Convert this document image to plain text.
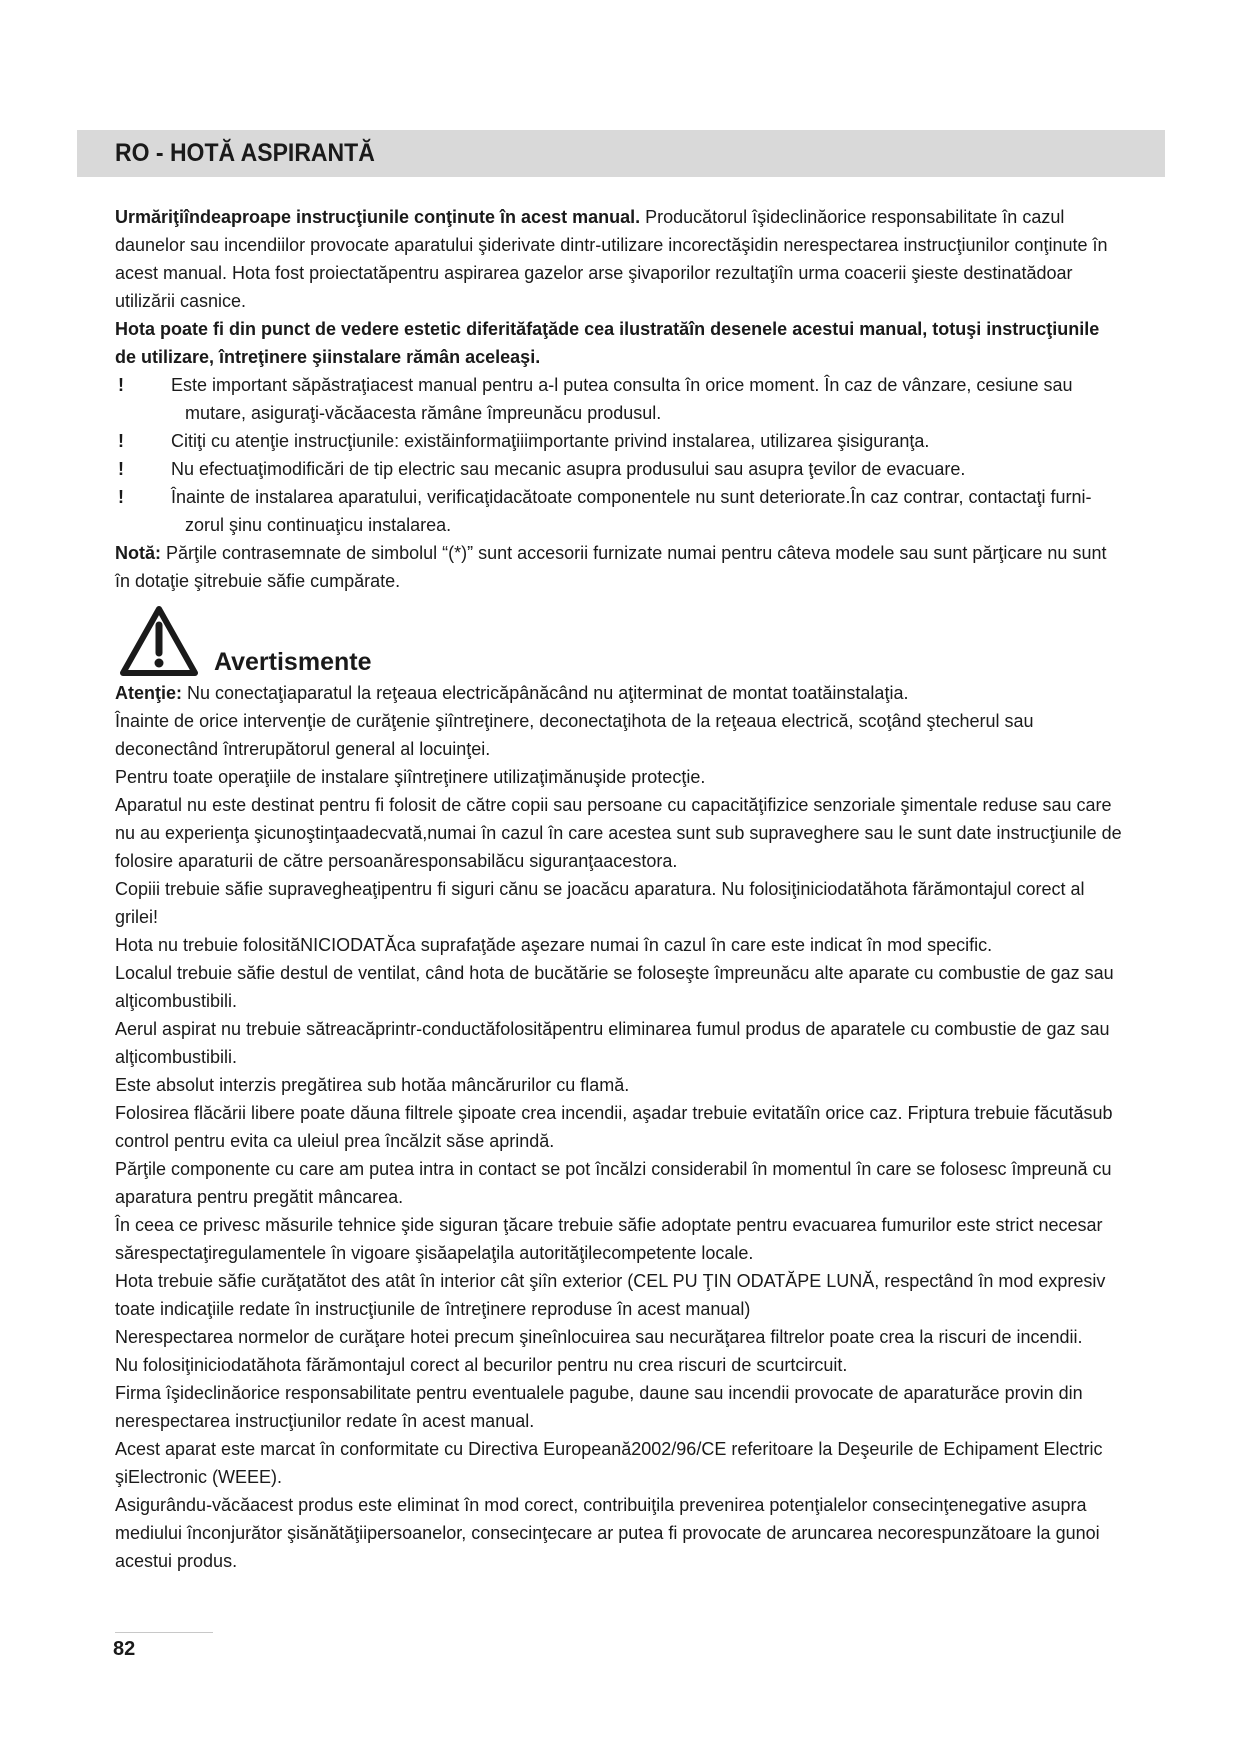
RO - HOTĂ ASPIRANTĂ

Urmăriţiîndeaproape instrucţiunile conţinute în acest manual. Producătorul îşideclinăorice responsabilitate în cazul daunelor sau incendiilor provocate aparatului şiderivate dintr-utilizare incorectăşidin nerespectarea instrucţiunilor conţinute în acest manual. Hota fost proiectatăpentru aspirarea gazelor arse şivaporilor rezultaţiîn urma coacerii şieste destinatădoar utilizării casnice.

Hota poate fi din punct de vedere estetic diferităfaţăde cea ilustratăîn desenele acestui manual, totuşi instrucţiunile de utilizare, întreţinere şiinstalare rămân aceleaşi.

!	Este important săpăstraţiacest manual pentru a-l putea consulta în orice moment. În caz de vânzare, cesiune sau
mutare, asiguraţi-văcăacesta rămâne împreunăcu produsul.
!	Citiţi cu atenţie instrucţiunile: existăinformaţiiimportante privind instalarea, utilizarea şisiguranţa.
!	Nu efectuaţimodificări de tip electric sau mecanic asupra produsului sau asupra ţevilor de evacuare.
!	Înainte de instalarea aparatului, verificaţidacătoate componentele nu sunt deteriorate.În caz contrar, contactaţi furni-
zorul şinu continuaţicu instalarea.

Notă: Părţile contrasemnate de simbolul “(*)” sunt accesorii furnizate numai pentru câteva modele sau sunt părţicare nu sunt în dotaţie şitrebuie săfie cumpărate.

Avertismente

Atenţie: Nu conectaţiaparatul la reţeaua electricăpânăcând nu aţiterminat de montat toatăinstalaţia.

Înainte de orice intervenţie de curăţenie şiîntreţinere, deconectaţihota de la reţeaua electrică, scoţând ştecherul sau deconectând întrerupătorul general al locuinţei.

Pentru toate operaţiile de instalare şiîntreţinere utilizaţimănuşide protecţie.

Aparatul nu este destinat pentru fi folosit de către copii sau persoane cu capacităţifizice senzoriale şimentale reduse sau care nu au experienţa şicunoştinţaadecvată,numai în cazul în care acestea sunt sub supraveghere sau le sunt date instrucţiunile de folosire aparaturii de către persoanăresponsabilăcu siguranţaacestora.

Copiii trebuie săfie supravegheaţipentru fi siguri cănu se joacăcu aparatura. Nu folosiţiniciodatăhota fărămontajul corect al grilei!

Hota nu trebuie folosităNICIODATĂca suprafaţăde aşezare numai în cazul în care este indicat în mod specific.

Localul trebuie săfie destul de ventilat, când hota de bucătărie se foloseşte împreunăcu alte aparate cu combustie de gaz sau alţicombustibili.

Aerul aspirat nu trebuie sătreacăprintr-conductăfolosităpentru eliminarea fumul produs de aparatele cu combustie de gaz sau alţicombustibili.

Este absolut interzis pregătirea sub hotăa mâncărurilor cu flamă.

Folosirea flăcării libere poate dăuna filtrele şipoate crea incendii, aşadar trebuie evitatăîn orice caz. Friptura trebuie făcutăsub control pentru evita ca uleiul prea încălzit săse aprindă.

Părţile componente cu care am putea intra in contact se pot încălzi considerabil în momentul în care se folosesc împreună cu aparatura pentru pregătit mâncarea.

În ceea ce privesc măsurile tehnice şide siguran ţăcare trebuie săfie adoptate pentru evacuarea fumurilor este strict necesar sărespectaţiregulamentele în vigoare şisăapelaţila autorităţilecompetente locale.

Hota trebuie săfie curăţatătot des atât în interior cât şiîn exterior (CEL PU ŢIN ODATĂPE LUNĂ, respectând în mod expresiv toate indicaţiile redate în instrucţiunile de întreţinere reproduse în acest manual)

Nerespectarea normelor de curăţare hotei precum şineînlocuirea sau necurăţarea filtrelor poate crea la riscuri de incendii.

Nu folosiţiniciodatăhota fărămontajul corect al becurilor pentru nu crea riscuri de scurtcircuit.

Firma îşideclinăorice responsabilitate pentru eventualele pagube, daune sau incendii provocate de aparaturăce provin din nerespectarea instrucţiunilor redate în acest manual.

Acest aparat este marcat în conformitate cu Directiva Europeană2002/96/CE referitoare la Deşeurile de Echipament Electric şiElectronic (WEEE).

Asigurându-văcăacest produs este eliminat în mod corect, contribuiţila prevenirea potenţialelor consecinţenegative asupra mediului înconjurător şisănătăţiipersoanelor, consecinţecare ar putea fi provocate de aruncarea necorespunzătoare la gunoi acestui produs.

82
